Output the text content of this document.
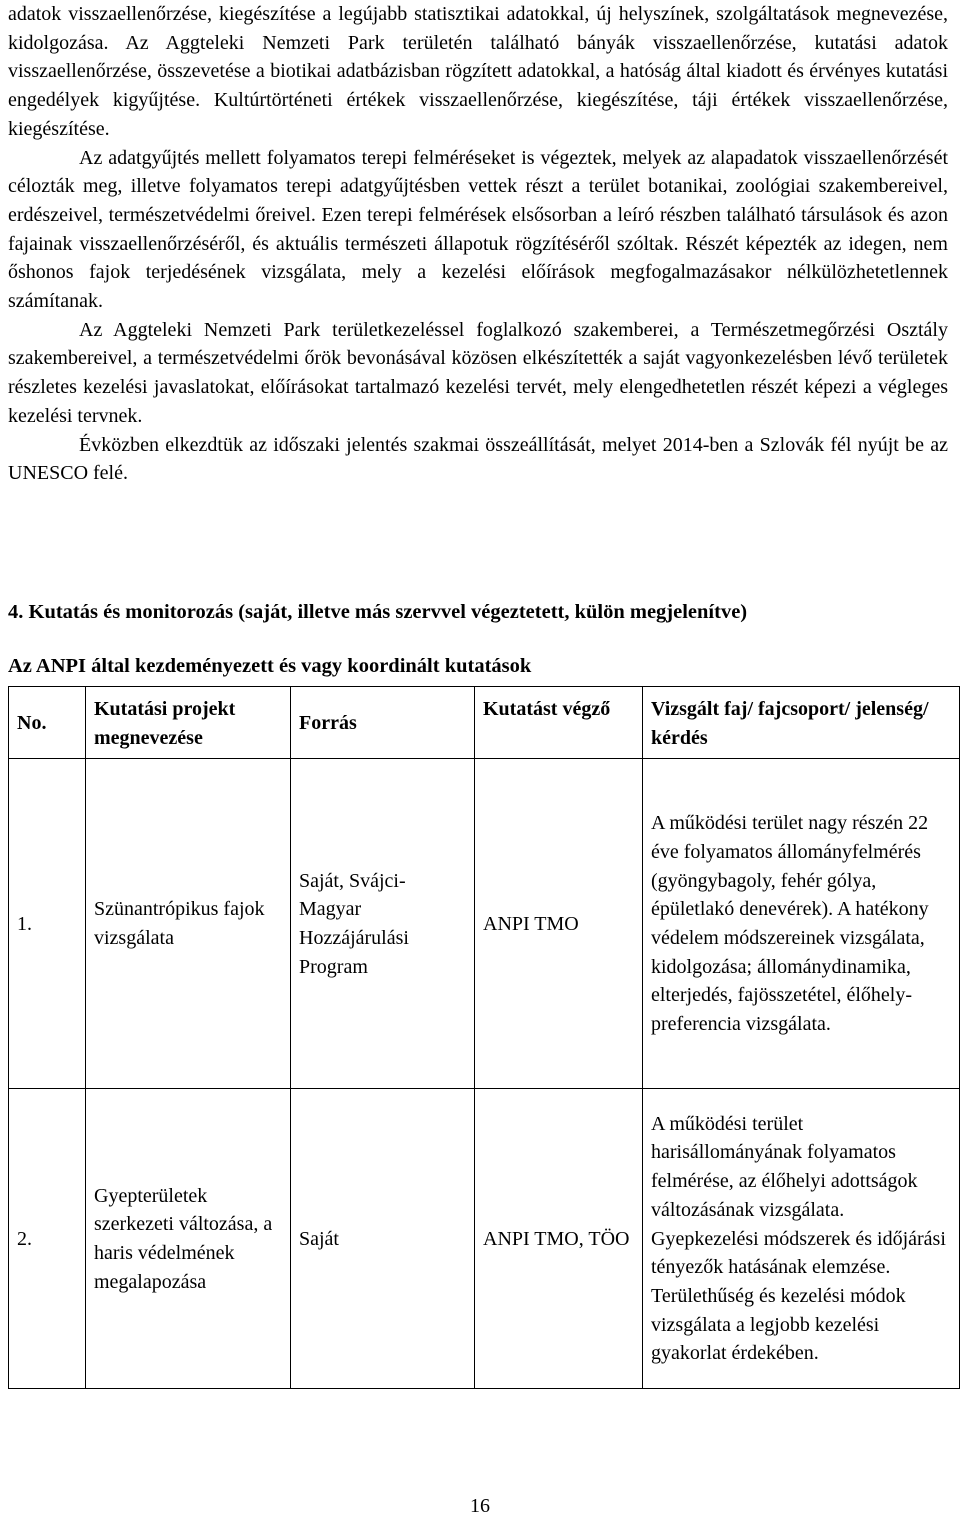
adatok visszaellenőrzése, kiegészítése a legújabb statisztikai adatokkal, új helyszínek, szolgáltatások megnevezése, kidolgozása. Az Aggteleki Nemzeti Park területén található bányák visszaellenőrzése, kutatási adatok visszaellenőrzése, összevetése a biotikai adatbázisban rögzített adatokkal, a hatóság által kiadott és érvényes kutatási engedélyek kigyűjtése. Kultúrtörténeti értékek visszaellenőrzése, kiegészítése, táji értékek visszaellenőrzése, kiegészítése.

Az adatgyűjtés mellett folyamatos terepi felméréseket is végeztek, melyek az alapadatok visszaellenőrzését célozták meg, illetve folyamatos terepi adatgyűjtésben vettek részt a terület botanikai, zoológiai szakembereivel, erdészeivel, természetvédelmi őreivel. Ezen terepi felmérések elsősorban a leíró részben található társulások és azon fajainak visszaellenőrzéséről, és aktuális természeti állapotuk rögzítéséről szóltak. Részét képezték az idegen, nem őshonos fajok terjedésének vizsgálata, mely a kezelési előírások megfogalmazásakor nélkülözhetetlennek számítanak.

Az Aggteleki Nemzeti Park területkezeléssel foglalkozó szakemberei, a Természetmegőrzési Osztály szakembereivel, a természetvédelmi őrök bevonásával közösen elkészítették a saját vagyonkezelésben lévő területek részletes kezelési javaslatokat, előírásokat tartalmazó kezelési tervét, mely elengedhetetlen részét képezi a végleges kezelési tervnek.

Évközben elkezdtük az időszaki jelentés szakmai összeállítását, melyet 2014-ben a Szlovák fél nyújt be az UNESCO felé.

4. Kutatás és monitorozás (saját, illetve más szervvel végeztetett, külön megjelenítve)

Az ANPI által kezdeményezett és vagy koordinált kutatások

No.	Kutatási projekt megnevezése	Forrás	Kutatást végző	Vizsgált faj/ fajcsoport/ jelenség/ kérdés
1.	Szünantrópikus fajok vizsgálata	Saját, Svájci-Magyar Hozzájárulási Program	ANPI TMO	A működési terület nagy részén 22 éve folyamatos állományfelmérés (gyöngybagoly, fehér gólya, épületlakó denevérek). A hatékony védelem módszereinek vizsgálata, kidolgozása; állománydinamika, elterjedés, fajösszetétel, élőhely-preferencia vizsgálata.
2.	Gyepterületek szerkezeti változása, a haris védelmének megalapozása	Saját	ANPI TMO, TÖO	A működési terület harisállományának folyamatos felmérése, az élőhelyi adottságok változásának vizsgálata. Gyepkezelési módszerek és időjárási tényezők hatásának elemzése. Területhűség és kezelési módok vizsgálata a legjobb kezelési gyakorlat érdekében.
16
